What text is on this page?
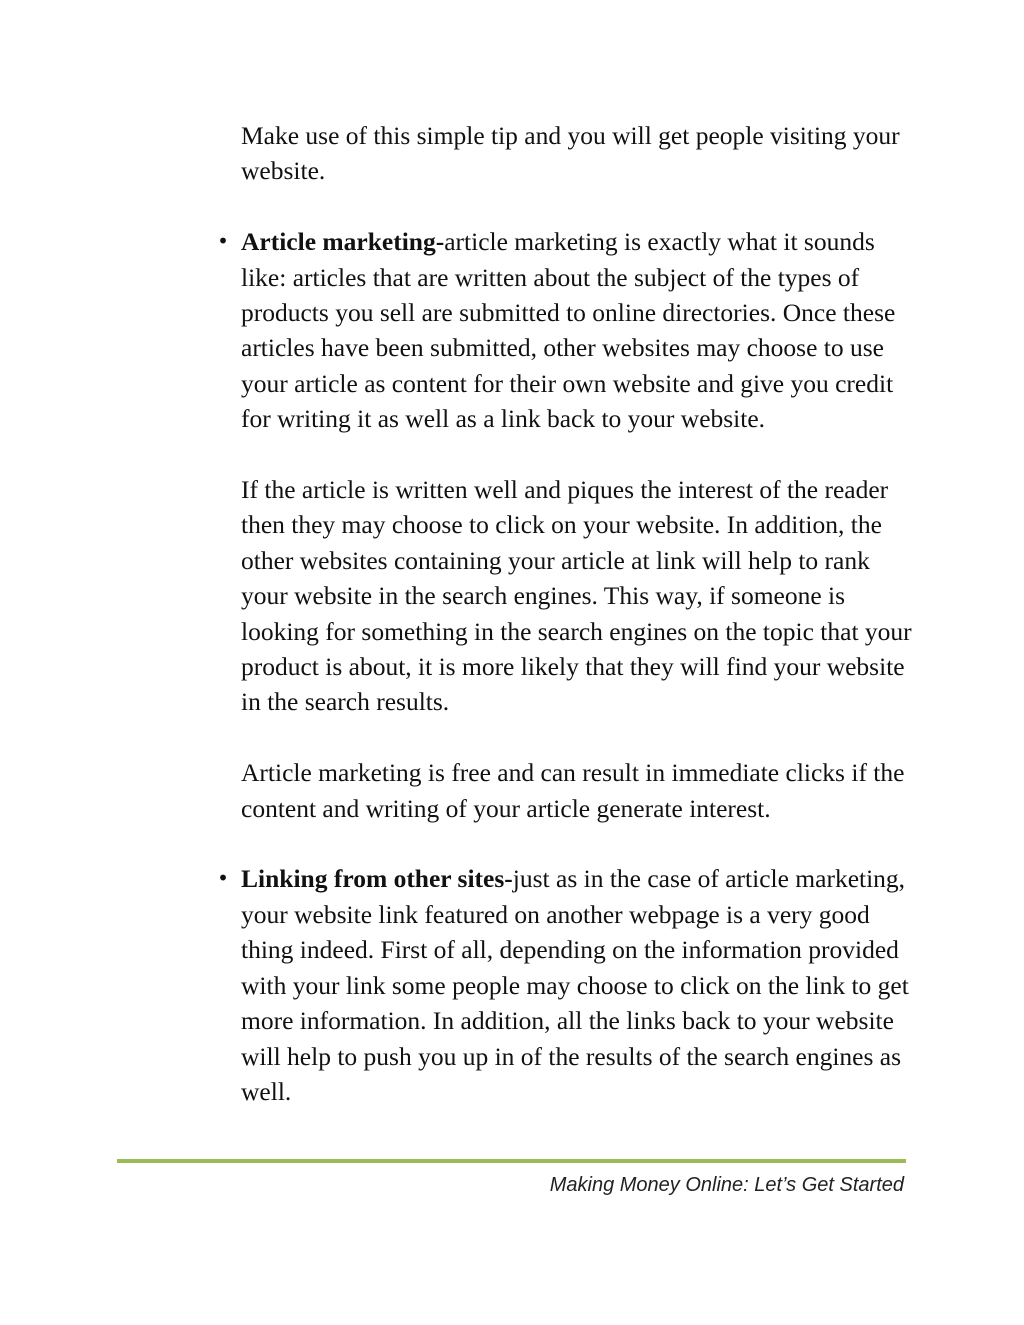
Make use of this simple tip and you will get people visiting your website.

• Article marketing-article marketing is exactly what it sounds like: articles that are written about the subject of the types of products you sell are submitted to online directories. Once these articles have been submitted, other websites may choose to use your article as content for their own website and give you credit for writing it as well as a link back to your website.

If the article is written well and piques the interest of the reader then they may choose to click on your website. In addition, the other websites containing your article at link will help to rank your website in the search engines. This way, if someone is looking for something in the search engines on the topic that your product is about, it is more likely that they will find your website in the search results.

Article marketing is free and can result in immediate clicks if the content and writing of your article generate interest.

• Linking from other sites-just as in the case of article marketing, your website link featured on another webpage is a very good thing indeed. First of all, depending on the information provided with your link some people may choose to click on the link to get more information. In addition, all the links back to your website will help to push you up in of the results of the search engines as well.
Making Money Online: Let’s Get Started
